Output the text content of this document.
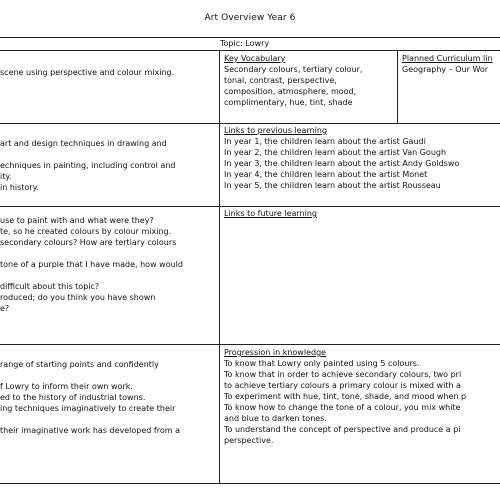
Art Overview Year 6
Topic: Lowry
scene using perspective and colour mixing.
art and design techniques in drawing and
echniques in painting, including control and
ity.
in history.
use to paint with and what were they?
te, so he created colours by colour mixing.
secondary colours? How are tertiary colours
tone of a purple that I have made, how would
difficult about this topic?
roduced; do you think you have shown
e?
range of starting points and confidently
f Lowry to inform their own work.
ed to the history of industrial towns.
ing techniques imaginatively to create their
their imaginative work has developed from a
Key Vocabulary
Secondary colours, tertiary colour,
tonal, contrast, perspective,
composition, atmosphere, mood,
complimentary, hue, tint, shade
Planned Curriculum lin
Geography – Our Wor
Links to previous learning
In year 1, the children learn about the artist Gaudi
In year 2, the children learn about the artist Van Gough
In year 3, the children learn about the artist Andy Goldswo
In year 4, the children learn about the artist Monet
In year 5, the children learn about the artist Rousseau
Links to future learning
Progression in knowledge
To know that Lowry only painted using 5 colours.
To know that in order to achieve secondary colours, two pri
to achieve tertiary colours a primary colour is mixed with a
To experiment with hue, tint, tone, shade, and mood when p
To know how to change the tone of a colour, you mix white
and blue to darken tones.
To understand the concept of perspective and produce a pi
perspective.
